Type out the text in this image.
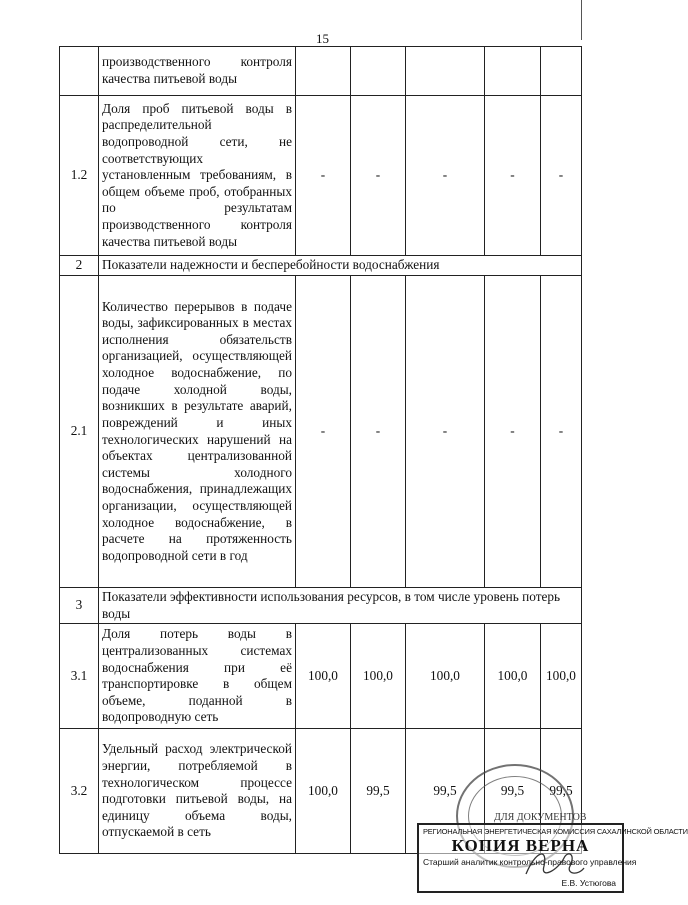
15
	производственного контроля качества питьевой воды					
1.2	Доля проб питьевой воды в распределительной водопроводной сети, не соответствующих установленным требованиям, в общем объеме проб, отобранных по результатам производственного контроля качества питьевой воды	-	-	-	-	-
2	Показатели надежности и бесперебойности водоснабжения					
2.1	Количество перерывов в подаче воды, зафиксированных в местах исполнения обязательств организацией, осуществляющей холодное водоснабжение, по подаче холодной воды, возникших в результате аварий, повреждений и иных технологических нарушений на объектах централизованной системы холодного водоснабжения, принадлежащих организации, осуществляющей холодное водоснабжение, в расчете на протяженность водопроводной сети в год	-	-	-	-	-
3	Показатели эффективности использования ресурсов, в том числе уровень потерь воды					
3.1	Доля потерь воды в централизованных системах водоснабжения при её транспортировке в общем объеме, поданной в водопроводную сеть	100,0	100,0	100,0	100,0	100,0
3.2	Удельный расход электрической энергии, потребляемой в технологическом процессе подготовки питьевой воды, на единицу объема воды, отпускаемой в сеть	100,0	99,5	99,5	99,5	99,5
ДЛЯ ДОКУМЕНТОВ
РЕГИОНАЛЬНАЯ ЭНЕРГЕТИЧЕСКАЯ КОМИССИЯ САХАЛИНСКОЙ ОБЛАСТИ
КОПИЯ ВЕРНА
Старший аналитик контрольно-правового управления
Е.В. Устюгова
